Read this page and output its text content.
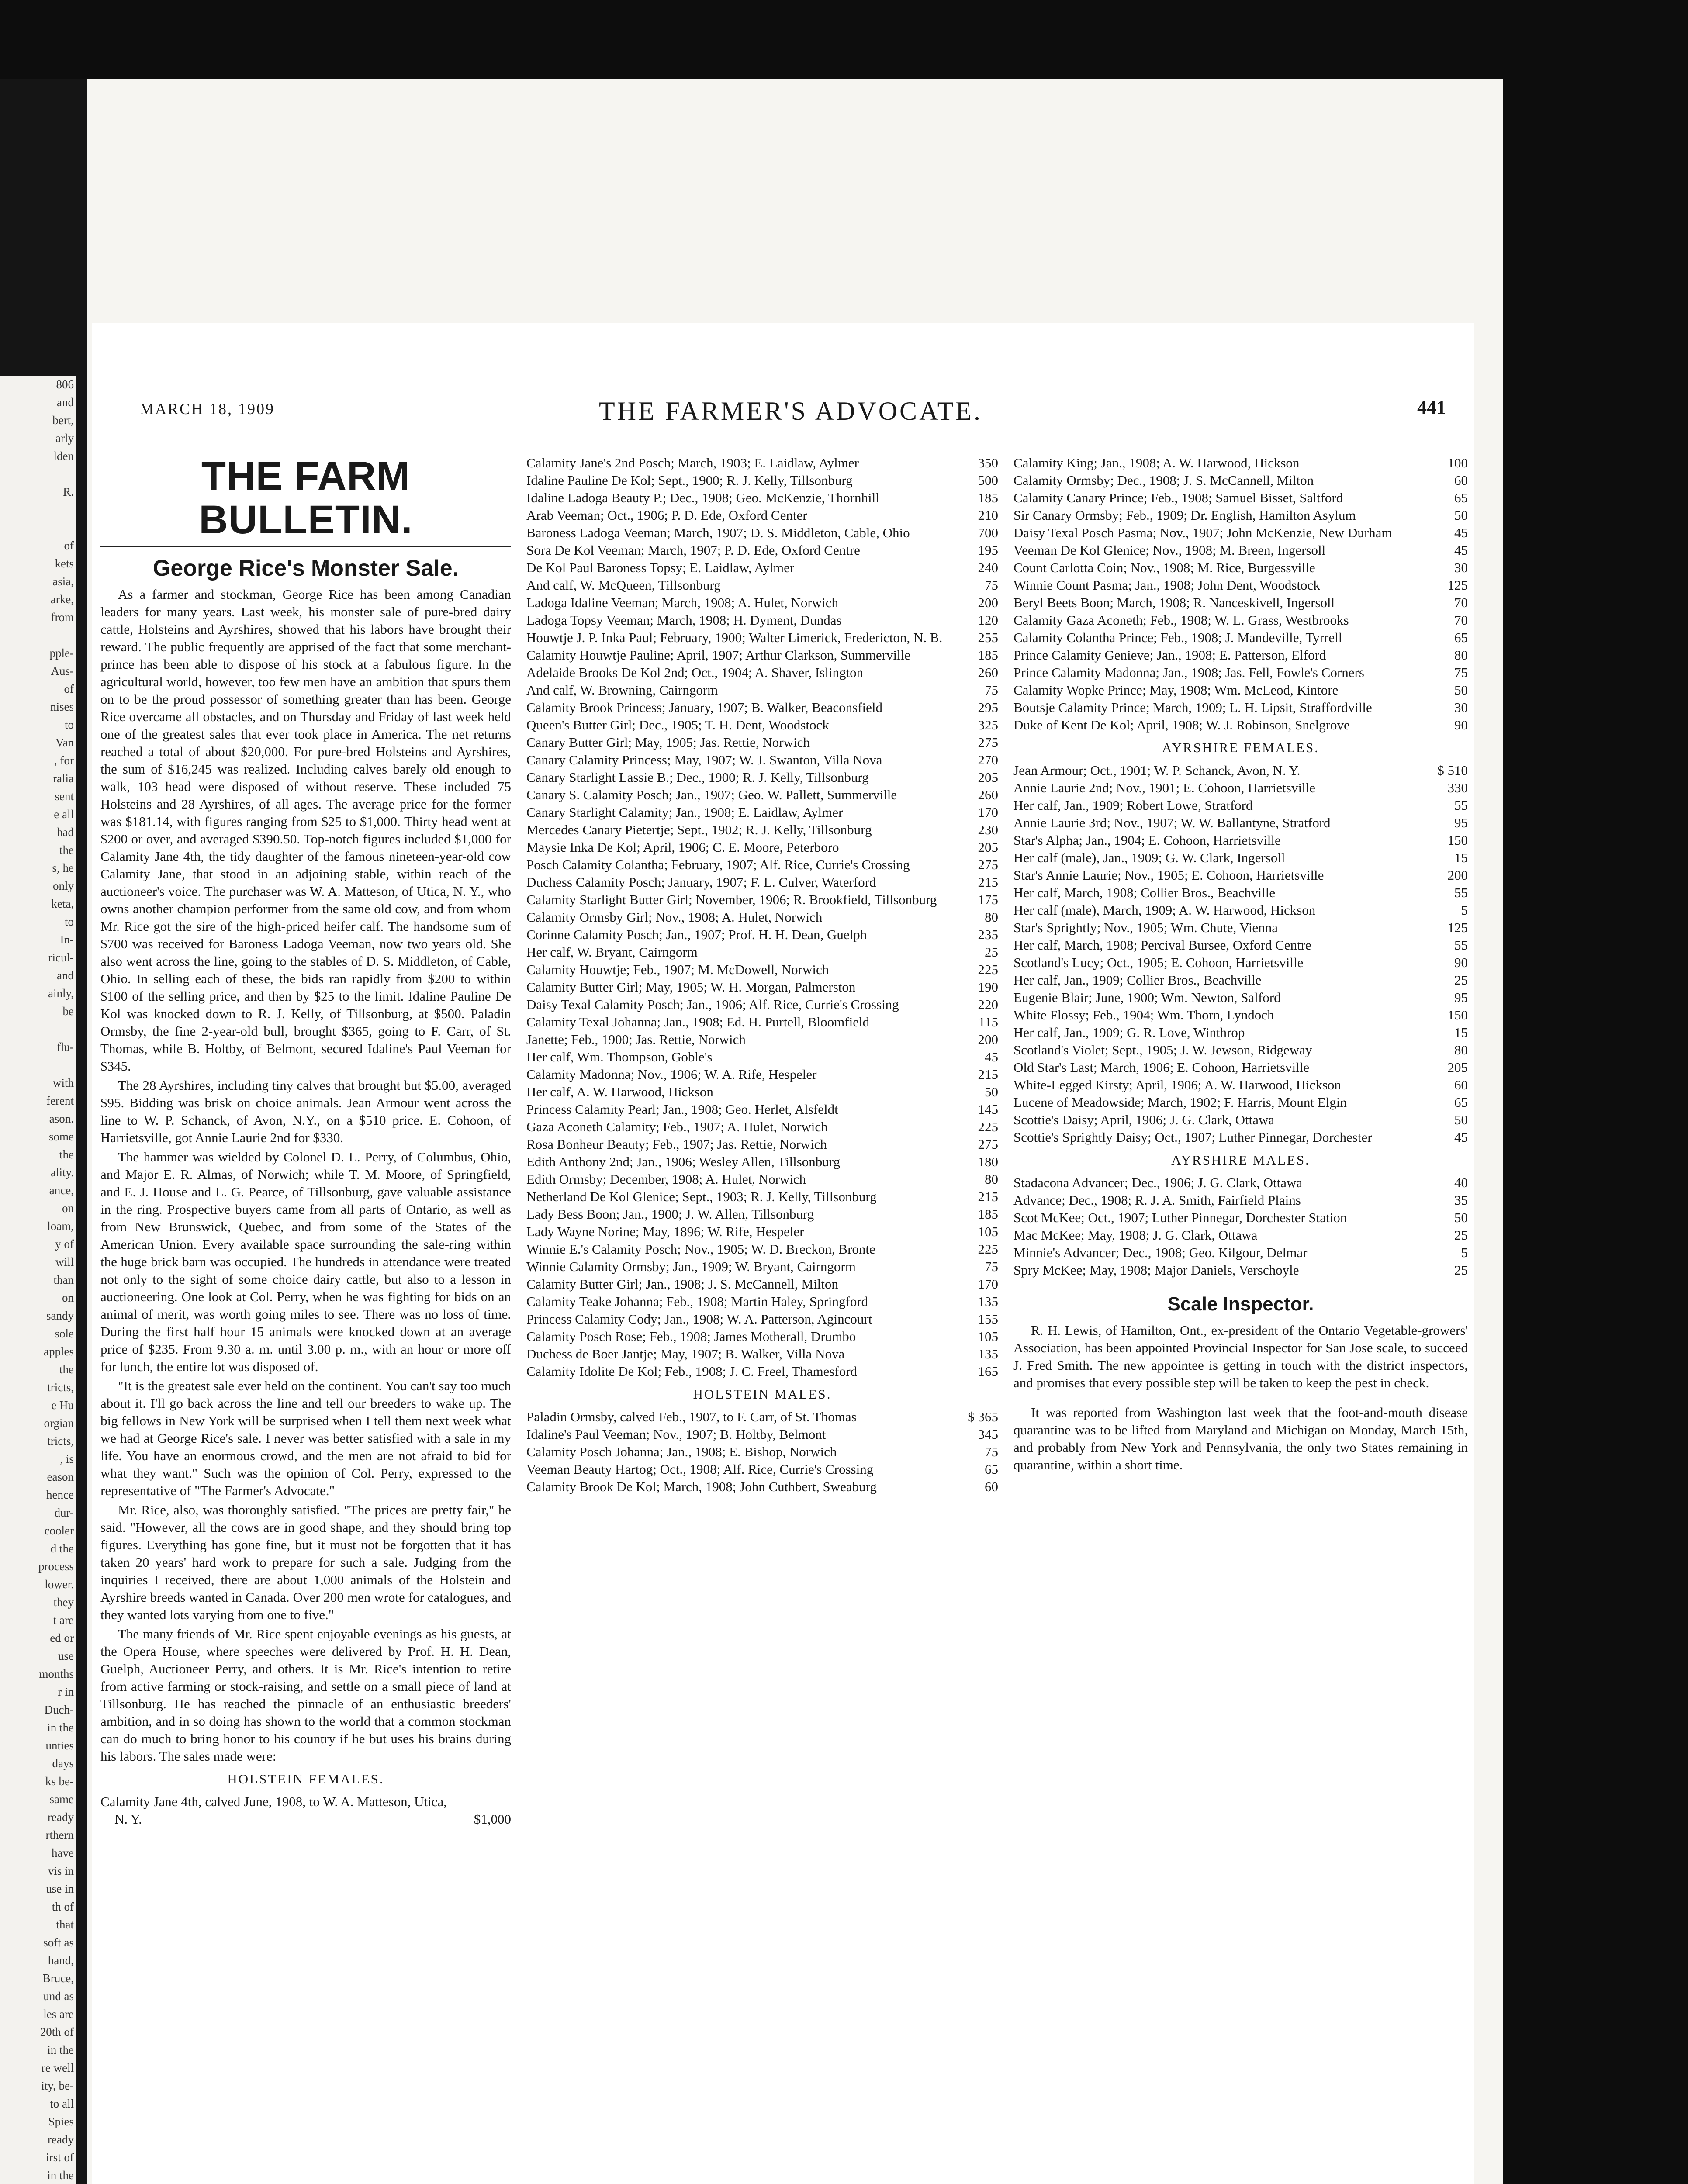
806
and
bert,
arly
lden
R.
of
kets
asia,
arke,
from
pple-
Aus-
of
nises
to
Van
, for
ralia
sent
e all
had
the
s, he
only
keta,
to
In-
ricul-
and
ainly,
be
flu-
with
ferent
ason.
some
the
ality.
ance,
on
loam,
y of
will
than
on
sandy
sole
apples
the
tricts,
e Hu
orgian
tricts,
, is
eason
hence
dur-
cooler
d the
process
lower.
they
t are
ed or
use
months
r in
Duch-
in the
unties
days
ks be-
same
ready
rthern
have
vis in
use in
th of
that
soft as
hand,
Bruce,
und as
les are
20th of
in the
re well
ity, be-
to all
Spies
ready
irst of
in the
MARCH 18, 1909	THE FARMER'S ADVOCATE.	441
THE FARM BULLETIN.
George Rice's Monster Sale.

As a farmer and stockman, George Rice has been among Canadian leaders for many years. Last week, his monster sale of pure-bred dairy cattle, Holsteins and Ayrshires, showed that his labors have brought their reward. The public frequently are apprised of the fact that some merchant-prince has been able to dispose of his stock at a fabulous figure. In the agricultural world, however, too few men have an ambition that spurs them on to be the proud possessor of something greater than has been. George Rice overcame all obstacles, and on Thursday and Friday of last week held one of the greatest sales that ever took place in America. The net returns reached a total of about $20,000. For pure-bred Holsteins and Ayrshires, the sum of $16,245 was realized. Including calves barely old enough to walk, 103 head were disposed of without reserve. These included 75 Holsteins and 28 Ayrshires, of all ages. The average price for the former was $181.14, with figures ranging from $25 to $1,000. Thirty head went at $200 or over, and averaged $390.50. Top-notch figures included $1,000 for Calamity Jane 4th, the tidy daughter of the famous nineteen-year-old cow Calamity Jane, that stood in an adjoining stable, within reach of the auctioneer's voice. The purchaser was W. A. Matteson, of Utica, N. Y., who owns another champion performer from the same old cow, and from whom Mr. Rice got the sire of the high-priced heifer calf. The handsome sum of $700 was received for Baroness Ladoga Veeman, now two years old. She also went across the line, going to the stables of D. S. Middleton, of Cable, Ohio. In selling each of these, the bids ran rapidly from $200 to within $100 of the selling price, and then by $25 to the limit. Idaline Pauline De Kol was knocked down to R. J. Kelly, of Tillsonburg, at $500. Paladin Ormsby, the fine 2-year-old bull, brought $365, going to F. Carr, of St. Thomas, while B. Holtby, of Belmont, secured Idaline's Paul Veeman for $345.

The 28 Ayrshires, including tiny calves that brought but $5.00, averaged $95. Bidding was brisk on choice animals. Jean Armour went across the line to W. P. Schanck, of Avon, N.Y., on a $510 price. E. Cohoon, of Harrietsville, got Annie Laurie 2nd for $330.

The hammer was wielded by Colonel D. L. Perry, of Columbus, Ohio, and Major E. R. Almas, of Norwich; while T. M. Moore, of Springfield, and E. J. House and L. G. Pearce, of Tillsonburg, gave valuable assistance in the ring. Prospective buyers came from all parts of Ontario, as well as from New Brunswick, Quebec, and from some of the States of the American Union. Every available space surrounding the sale-ring within the huge brick barn was occupied. The hundreds in attendance were treated not only to the sight of some choice dairy cattle, but also to a lesson in auctioneering. One look at Col. Perry, when he was fighting for bids on an animal of merit, was worth going miles to see. There was no loss of time. During the first half hour 15 animals were knocked down at an average price of $235. From 9.30 a. m. until 3.00 p. m., with an hour or more off for lunch, the entire lot was disposed of.

"It is the greatest sale ever held on the continent. You can't say too much about it. I'll go back across the line and tell our breeders to wake up. The big fellows in New York will be surprised when I tell them next week what we had at George Rice's sale. I never was better satisfied with a sale in my life. You have an enormous crowd, and the men are not afraid to bid for what they want." Such was the opinion of Col. Perry, expressed to the representative of "The Farmer's Advocate."

Mr. Rice, also, was thoroughly satisfied. "The prices are pretty fair," he said. "However, all the cows are in good shape, and they should bring top figures. Everything has gone fine, but it must not be forgotten that it has taken 20 years' hard work to prepare for such a sale. Judging from the inquiries I received, there are about 1,000 animals of the Holstein and Ayrshire breeds wanted in Canada. Over 200 men wrote for catalogues, and they wanted lots varying from one to five."

The many friends of Mr. Rice spent enjoyable evenings as his guests, at the Opera House, where speeches were delivered by Prof. H. H. Dean, Guelph, Auctioneer Perry, and others. It is Mr. Rice's intention to retire from active farming or stock-raising, and settle on a small piece of land at Tillsonburg. He has reached the pinnacle of an enthusiastic breeders' ambition, and in so doing has shown to the world that a common stockman can do much to bring honor to his country if he but uses his brains during his labors. The sales made were:

HOLSTEIN FEMALES.
Calamity Jane 4th, calved June, 1908, to W. A. Matteson, Utica, N. Y.	$1,000
Calamity Jane's 2nd Posch; March, 1903; E. Laidlaw, Aylmer	350
Idaline Pauline De Kol; Sept., 1900; R. J. Kelly, Tillsonburg	500
Idaline Ladoga Beauty P.; Dec., 1908; Geo. McKenzie, Thornhill	185
Arab Veeman; Oct., 1906; P. D. Ede, Oxford Center	210
Baroness Ladoga Veeman; March, 1907; D. S. Middleton, Cable, Ohio	700
Sora De Kol Veeman; March, 1907; P. D. Ede, Oxford Centre	195
De Kol Paul Baroness Topsy; E. Laidlaw, Aylmer	240
And calf, W. McQueen, Tillsonburg	75
Ladoga Idaline Veeman; March, 1908; A. Hulet, Norwich	200
Ladoga Topsy Veeman; March, 1908; H. Dyment, Dundas	120
Houwtje J. P. Inka Paul; February, 1900; Walter Limerick, Fredericton, N. B.	255
Calamity Houwtje Pauline; April, 1907; Arthur Clarkson, Summerville	185
Adelaide Brooks De Kol 2nd; Oct., 1904; A. Shaver, Islington	260
And calf, W. Browning, Cairngorm	75
Calamity Brook Princess; January, 1907; B. Walker, Beaconsfield	295
Queen's Butter Girl; Dec., 1905; T. H. Dent, Woodstock	325
Canary Butter Girl; May, 1905; Jas. Rettie, Norwich	275
Canary Calamity Princess; May, 1907; W. J. Swanton, Villa Nova	270
Canary Starlight Lassie B.; Dec., 1900; R. J. Kelly, Tillsonburg	205
Canary S. Calamity Posch; Jan., 1907; Geo. W. Pallett, Summerville	260
Canary Starlight Calamity; Jan., 1908; E. Laidlaw, Aylmer	170
Mercedes Canary Pietertje; Sept., 1902; R. J. Kelly, Tillsonburg	230
Maysie Inka De Kol; April, 1906; C. E. Moore, Peterboro	205
Posch Calamity Colantha; February, 1907; Alf. Rice, Currie's Crossing	275
Duchess Calamity Posch; January, 1907; F. L. Culver, Waterford	215
Calamity Starlight Butter Girl; November, 1906; R. Brookfield, Tillsonburg	175
Calamity Ormsby Girl; Nov., 1908; A. Hulet, Norwich	80
Corinne Calamity Posch; Jan., 1907; Prof. H. H. Dean, Guelph	235
Her calf, W. Bryant, Cairngorm	25
Calamity Houwtje; Feb., 1907; M. McDowell, Norwich	225
Calamity Butter Girl; May, 1905; W. H. Morgan, Palmerston	190
Daisy Texal Calamity Posch; Jan., 1906; Alf. Rice, Currie's Crossing	220
Calamity Texal Johanna; Jan., 1908; Ed. H. Purtell, Bloomfield	115
Janette; Feb., 1900; Jas. Rettie, Norwich	200
Her calf, Wm. Thompson, Goble's	45
Calamity Madonna; Nov., 1906; W. A. Rife, Hespeler	215
Her calf, A. W. Harwood, Hickson	50
Princess Calamity Pearl; Jan., 1908; Geo. Herlet, Alsfeldt	145
Gaza Aconeth Calamity; Feb., 1907; A. Hulet, Norwich	225
Rosa Bonheur Beauty; Feb., 1907; Jas. Rettie, Norwich	275
Edith Anthony 2nd; Jan., 1906; Wesley Allen, Tillsonburg	180
Edith Ormsby; December, 1908; A. Hulet, Norwich	80
Netherland De Kol Glenice; Sept., 1903; R. J. Kelly, Tillsonburg	215
Lady Bess Boon; Jan., 1900; J. W. Allen, Tillsonburg	185
Lady Wayne Norine; May, 1896; W. Rife, Hespeler	105
Winnie E.'s Calamity Posch; Nov., 1905; W. D. Breckon, Bronte	225
Winnie Calamity Ormsby; Jan., 1909; W. Bryant, Cairngorm	75
Calamity Butter Girl; Jan., 1908; J. S. McCannell, Milton	170
Calamity Teake Johanna; Feb., 1908; Martin Haley, Springford	135
Princess Calamity Cody; Jan., 1908; W. A. Patterson, Agincourt	155
Calamity Posch Rose; Feb., 1908; James Motherall, Drumbo	105
Duchess de Boer Jantje; May, 1907; B. Walker, Villa Nova	135
Calamity Idolite De Kol; Feb., 1908; J. C. Freel, Thamesford	165
HOLSTEIN MALES.
Paladin Ormsby, calved Feb., 1907, to F. Carr, of St. Thomas	$ 365
Idaline's Paul Veeman; Nov., 1907; B. Holtby, Belmont	345
Calamity Posch Johanna; Jan., 1908; E. Bishop, Norwich	75
Veeman Beauty Hartog; Oct., 1908; Alf. Rice, Currie's Crossing	65
Calamity Brook De Kol; March, 1908; John Cuthbert, Sweaburg	60
Calamity King; Jan., 1908; A. W. Harwood, Hickson	100
Calamity Ormsby; Dec., 1908; J. S. McCannell, Milton	60
Calamity Canary Prince; Feb., 1908; Samuel Bisset, Saltford	65
Sir Canary Ormsby; Feb., 1909; Dr. English, Hamilton Asylum	50
Daisy Texal Posch Pasma; Nov., 1907; John McKenzie, New Durham	45
Veeman De Kol Glenice; Nov., 1908; M. Breen, Ingersoll	45
Count Carlotta Coin; Nov., 1908; M. Rice, Burgessville	30
Winnie Count Pasma; Jan., 1908; John Dent, Woodstock	125
Beryl Beets Boon; March, 1908; R. Nanceskivell, Ingersoll	70
Calamity Gaza Aconeth; Feb., 1908; W. L. Grass, Westbrooks	70
Calamity Colantha Prince; Feb., 1908; J. Mandeville, Tyrrell	65
Prince Calamity Genieve; Jan., 1908; E. Patterson, Elford	80
Prince Calamity Madonna; Jan., 1908; Jas. Fell, Fowle's Corners	75
Calamity Wopke Prince; May, 1908; Wm. McLeod, Kintore	50
Boutsje Calamity Prince; March, 1909; L. H. Lipsit, Straffordville	30
Duke of Kent De Kol; April, 1908; W. J. Robinson, Snelgrove	90
AYRSHIRE FEMALES.
Jean Armour; Oct., 1901; W. P. Schanck, Avon, N. Y.	$ 510
Annie Laurie 2nd; Nov., 1901; E. Cohoon, Harrietsville	330
Her calf, Jan., 1909; Robert Lowe, Stratford	55
Annie Laurie 3rd; Nov., 1907; W. W. Ballantyne, Stratford	95
Star's Alpha; Jan., 1904; E. Cohoon, Harrietsville	150
Her calf (male), Jan., 1909; G. W. Clark, Ingersoll	15
Star's Annie Laurie; Nov., 1905; E. Cohoon, Harrietsville	200
Her calf, March, 1908; Collier Bros., Beachville	55
Her calf (male), March, 1909; A. W. Harwood, Hickson	5
Star's Sprightly; Nov., 1905; Wm. Chute, Vienna	125
Her calf, March, 1908; Percival Bursee, Oxford Centre	55
Scotland's Lucy; Oct., 1905; E. Cohoon, Harrietsville	90
Her calf, Jan., 1909; Collier Bros., Beachville	25
Eugenie Blair; June, 1900; Wm. Newton, Salford	95
White Flossy; Feb., 1904; Wm. Thorn, Lyndoch	150
Her calf, Jan., 1909; G. R. Love, Winthrop	15
Scotland's Violet; Sept., 1905; J. W. Jewson, Ridgeway	80
Old Star's Last; March, 1906; E. Cohoon, Harrietsville	205
White-Legged Kirsty; April, 1906; A. W. Harwood, Hickson	60
Lucene of Meadowside; March, 1902; F. Harris, Mount Elgin	65
Scottie's Daisy; April, 1906; J. G. Clark, Ottawa	50
Scottie's Sprightly Daisy; Oct., 1907; Luther Pinnegar, Dorchester	45
AYRSHIRE MALES.
Stadacona Advancer; Dec., 1906; J. G. Clark, Ottawa	40
Advance; Dec., 1908; R. J. A. Smith, Fairfield Plains	35
Scot McKee; Oct., 1907; Luther Pinnegar, Dorchester Station	50
Mac McKee; May, 1908; J. G. Clark, Ottawa	25
Minnie's Advancer; Dec., 1908; Geo. Kilgour, Delmar	5
Spry McKee; May, 1908; Major Daniels, Verschoyle	25
Scale Inspector.

R. H. Lewis, of Hamilton, Ont., ex-president of the Ontario Vegetable-growers' Association, has been appointed Provincial Inspector for San Jose scale, to succeed J. Fred Smith. The new appointee is getting in touch with the district inspectors, and promises that every possible step will be taken to keep the pest in check.

It was reported from Washington last week that the foot-and-mouth disease quarantine was to be lifted from Maryland and Michigan on Monday, March 15th, and probably from New York and Pennsylvania, the only two States remaining in quarantine, within a short time.
